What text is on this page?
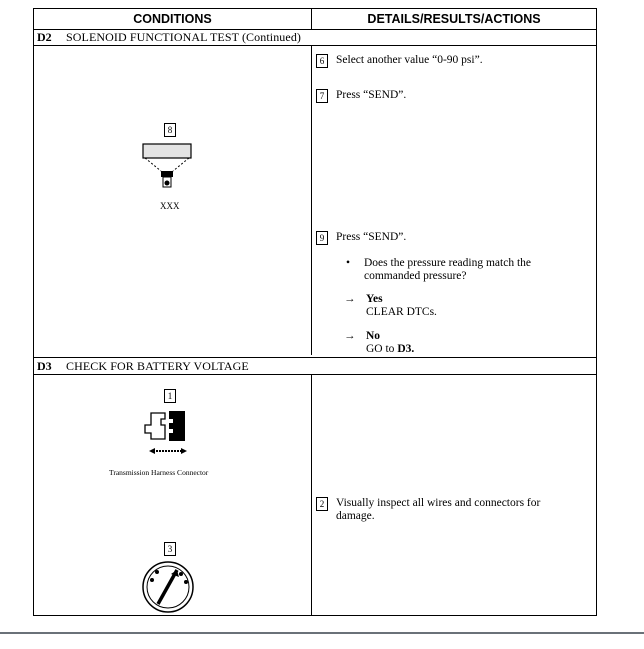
CONDITIONS	DETAILS/RESULTS/ACTIONS
D2 SOLENOID FUNCTIONAL TEST (Continued)
8
XXX
6 Select another value “0-90 psi”.
7 Press “SEND”.
9 Press “SEND”.
• Does the pressure reading match the commanded pressure?
→ Yes
CLEAR DTCs.
→ No
GO to D3.
D3 CHECK FOR BATTERY VOLTAGE
1
Transmission Harness Connector
3
2 Visually inspect all wires and connectors for damage.
